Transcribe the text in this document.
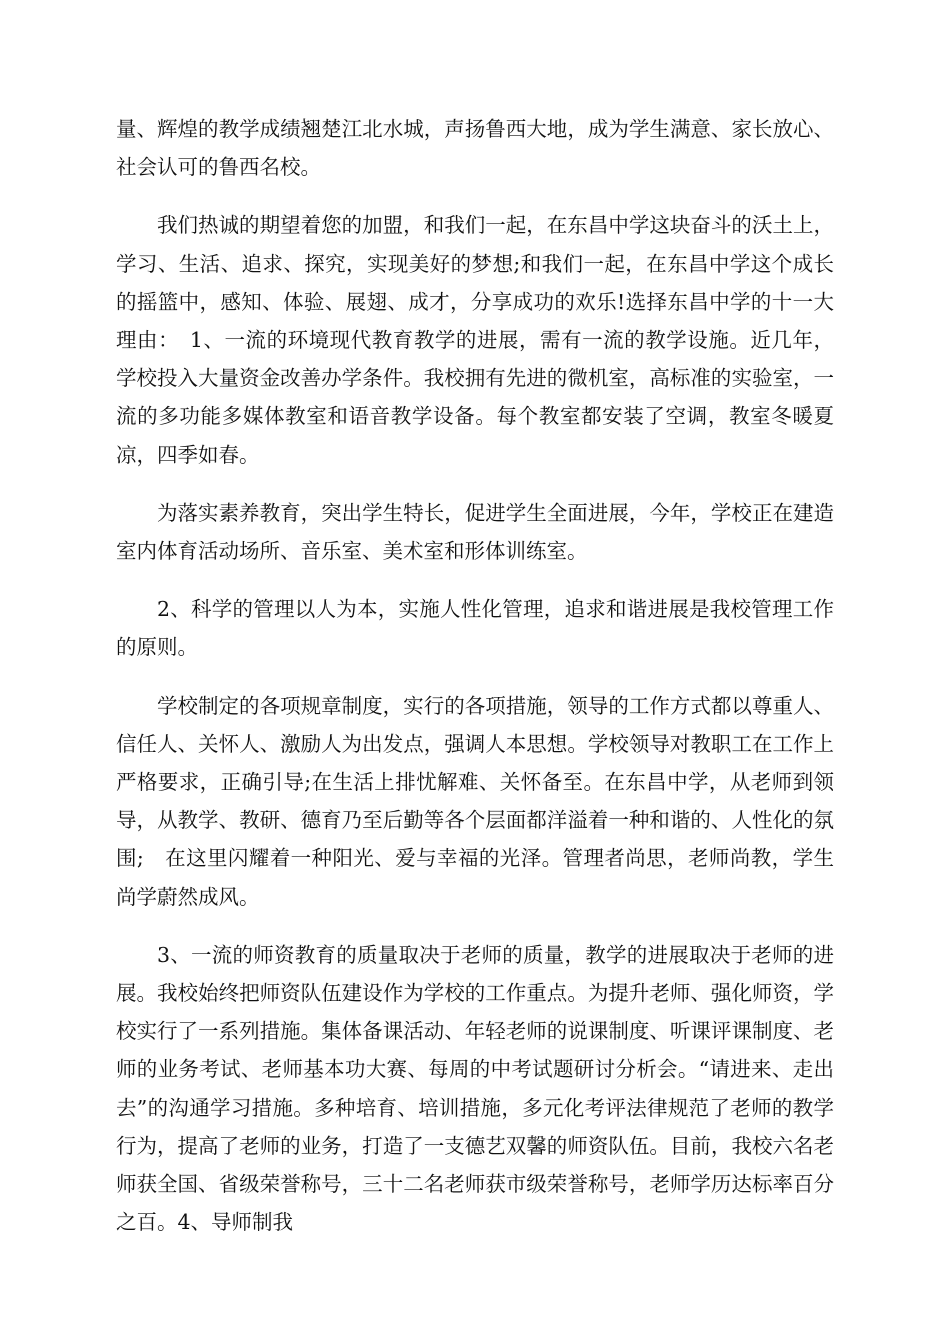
量、辉煌的教学成绩翘楚江北水城，声扬鲁西大地，成为学生满意、家长放心、社会认可的鲁西名校。

我们热诚的期望着您的加盟，和我们一起，在东昌中学这块奋斗的沃土上，学习、生活、追求、探究，实现美好的梦想;和我们一起，在东昌中学这个成长的摇篮中，感知、体验、展翅、成才，分享成功的欢乐!选择东昌中学的十一大理由：　1、一流的环境现代教育教学的进展，需有一流的教学设施。近几年，学校投入大量资金改善办学条件。我校拥有先进的微机室，高标准的实验室，一流的多功能多媒体教室和语音教学设备。每个教室都安装了空调，教室冬暖夏凉，四季如春。

为落实素养教育，突出学生特长，促进学生全面进展，今年，学校正在建造室内体育活动场所、音乐室、美术室和形体训练室。

2、科学的管理以人为本，实施人性化管理，追求和谐进展是我校管理工作的原则。

学校制定的各项规章制度，实行的各项措施，领导的工作方式都以尊重人、信任人、关怀人、激励人为出发点，强调人本思想。学校领导对教职工在工作上严格要求，正确引导;在生活上排忧解难、关怀备至。在东昌中学，从老师到领导，从教学、教研、德育乃至后勤等各个层面都洋溢着一种和谐的、人性化的氛围;　在这里闪耀着一种阳光、爱与幸福的光泽。管理者尚思，老师尚教，学生尚学蔚然成风。

3、一流的师资教育的质量取决于老师的质量，教学的进展取决于老师的进展。我校始终把师资队伍建设作为学校的工作重点。为提升老师、强化师资，学校实行了一系列措施。集体备课活动、年轻老师的说课制度、听课评课制度、老师的业务考试、老师基本功大赛、每周的中考试题研讨分析会。“请进来、走出去”的沟通学习措施。多种培育、培训措施，多元化考评法律规范了老师的教学行为，提高了老师的业务，打造了一支德艺双馨的师资队伍。目前，我校六名老师获全国、省级荣誉称号，三十二名老师获市级荣誉称号，老师学历达标率百分之百。4、导师制我
